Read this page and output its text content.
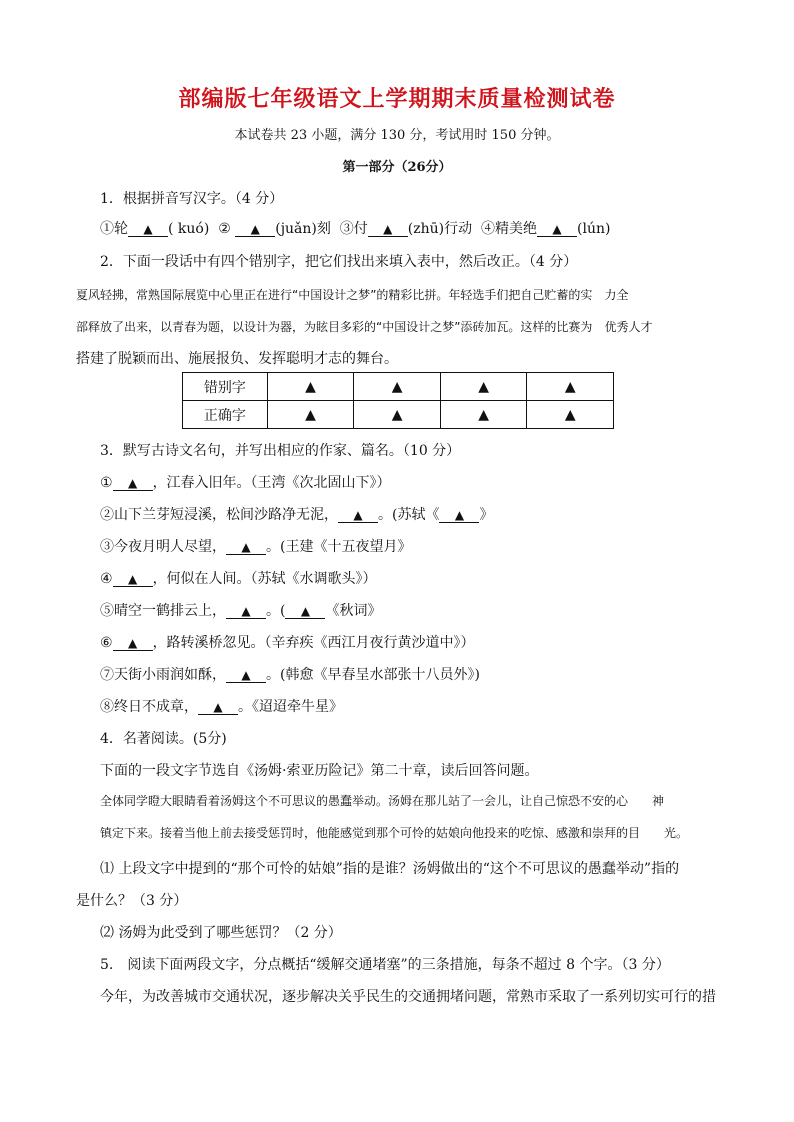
部编版七年级语文上学期期末质量检测试卷
本试卷共 23 小题，满分 130 分，考试用时 150 分钟。
第一部分（26分）
1．根据拼音写汉字。（4 分）
①轮 ▲ ( kuó) ② ▲ (juǎn)刻 ③付 ▲ (zhū)行动 ④精美绝 ▲ (lún)
2．下面一段话中有四个错别字，把它们找出来填入表中，然后改正。（4 分）
夏风轻拂，常熟国际展览中心里正在进行“中国设计之梦”的精彩比拼。年轻选手们把自己贮蓄的实　力全
部释放了出来，以青春为题，以设计为器，为眩目多彩的“中国设计之梦”添砖加瓦。这样的比赛为　优秀人才
搭建了脱颖而出、施展报负、发挥聪明才志的舞台。
错别字	▲	▲	▲	▲
正确字	▲	▲	▲	▲
3．默写古诗文名句，并写出相应的作家、篇名。（10 分）
① ▲ ，江春入旧年。（王湾《次北固山下》）
②山下兰芽短浸溪，松间沙路净无泥， ▲ 。(苏轼《 ▲ 》
③今夜月明人尽望， ▲ 。(王建《十五夜望月》
④ ▲ ，何似在人间。（苏轼《水调歌头》）
⑤晴空一鹤排云上， ▲ 。( ▲ 《秋词》
⑥ ▲ ，路转溪桥忽见。（辛弃疾《西江月夜行黄沙道中》）
⑦天街小雨润如酥， ▲ 。(韩愈《早春呈水部张十八员外》)
⑧终日不成章， ▲ 。《迢迢牵牛星》
4．名著阅读。(5分)
下面的一段文字节选自《汤姆·索亚历险记》第二十章，读后回答问题。
全体同学瞪大眼睛看着汤姆这个不可思议的愚蠢举动。汤姆在那儿站了一会儿，让自己惊恐不安的心　　神
镇定下来。接着当他上前去接受惩罚时，他能感觉到那个可怜的姑娘向他投来的吃惊、感激和崇拜的目　　光。
⑴ 上段文字中提到的“那个可怜的姑娘”指的是谁？汤姆做出的“这个不可思议的愚蠢举动”指的
是什么？（3 分）
⑵ 汤姆为此受到了哪些惩罚？（2 分）
5.　阅读下面两段文字，分点概括“缓解交通堵塞”的三条措施，每条不超过 8 个字。（3 分）
今年，为改善城市交通状况，逐步解决关乎民生的交通拥堵问题，常熟市采取了一系列切实可行的措
